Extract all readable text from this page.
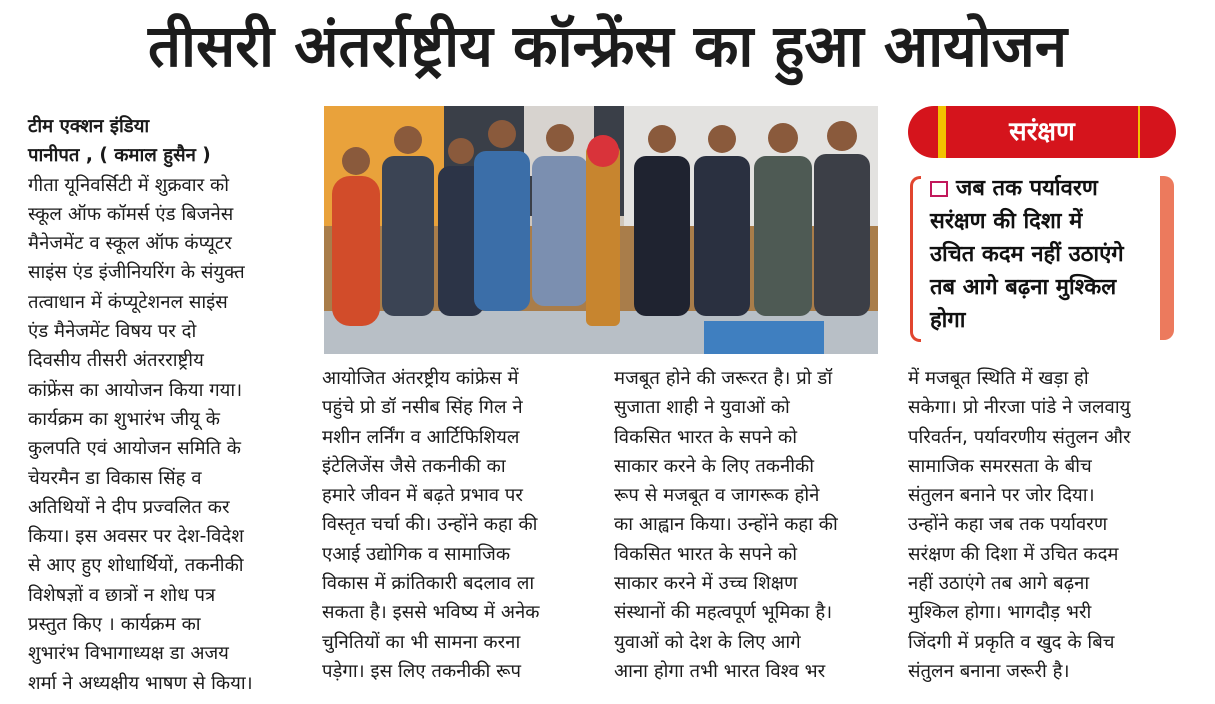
तीसरी अंतर्राष्ट्रीय कॉन्फ्रेंस का हुआ आयोजन
टीम एक्शन इंडिया
पानीपत , ( कमाल हुसैन )
गीता यूनिवर्सिटी में शुक्रवार को
स्कूल ऑफ कॉमर्स एंड बिजनेस
मैनेजमेंट व स्कूल ऑफ कंप्यूटर
साइंस एंड इंजीनियरिंग के संयुक्त
तत्वाधान में कंप्यूटेशनल साइंस
एंड मैनेजमेंट विषय पर दो
दिवसीय तीसरी अंतरराष्ट्रीय
कांफ्रेंस का आयोजन किया गया।
कार्यक्रम का शुभारंभ जीयू के
कुलपति एवं आयोजन समिति के
चेयरमैन डा विकास सिंह व
अतिथियों ने दीप प्रज्वलित कर
किया। इस अवसर पर देश-विदेश
से आए हुए शोधार्थियों, तकनीकी
विशेषज्ञों व छात्रों न शोध पत्र
प्रस्तुत किए । कार्यक्रम का
शुभारंभ विभागाध्यक्ष डा अजय
शर्मा ने अध्यक्षीय भाषण से किया।
सरंक्षण
जब तक पर्यावरण
सरंक्षण की दिशा में
उचित कदम नहीं उठाएंगे
तब आगे बढ़ना मुश्किल
होगा
आयोजित अंतरष्ट्रीय कांफ्रेस में
पहुंचे प्रो डॉ नसीब सिंह गिल ने
मशीन लर्निंग व आर्टिफिशियल
इंटेलिजेंस जैसे तकनीकी का
हमारे जीवन में बढ़ते प्रभाव पर
विस्तृत चर्चा की। उन्होंने कहा की
एआई उद्योगिक व सामाजिक
विकास में क्रांतिकारी बदलाव ला
सकता है। इससे भविष्य में अनेक
चुनितियों का भी सामना करना
पड़ेगा। इस लिए तकनीकी रूप
मजबूत होने की जरूरत है। प्रो डॉ
सुजाता शाही ने युवाओं को
विकसित भारत के सपने को
साकार करने के लिए तकनीकी
रूप से मजबूत व जागरूक होने
का आह्वान किया। उन्होंने कहा की
विकसित भारत के सपने को
साकार करने में उच्च शिक्षण
संस्थानों की महत्वपूर्ण भूमिका है।
युवाओं को देश के लिए आगे
आना होगा तभी भारत विश्व भर
में मजबूत स्थिति में खड़ा हो
सकेगा। प्रो नीरजा पांडे ने जलवायु
परिवर्तन, पर्यावरणीय संतुलन और
सामाजिक समरसता के बीच
संतुलन बनाने पर जोर दिया।
उन्होंने कहा जब तक पर्यावरण
सरंक्षण की दिशा में उचित कदम
नहीं उठाएंगे तब आगे बढ़ना
मुश्किल होगा। भागदौड़ भरी
जिंदगी में प्रकृति व खुद के बिच
संतुलन बनाना जरूरी है।
